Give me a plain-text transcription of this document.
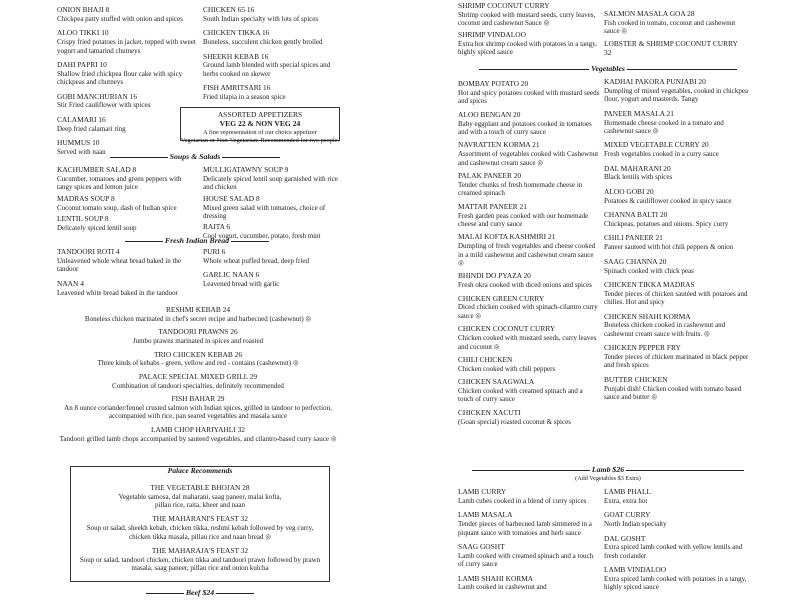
ONION BHAJI 8
Chickpea patty stuffed with onion and spices
ALOO TIKKI 10
Crispy fried potatoes in jacket, topped with sweet yogurt and tamarind chutneys
DAHI PAPRI 10
Shallow fried chickpea flour cake with spicy chickpeas and chutneys
GOBI MANCHURIAN 16
Stir Fried cauliflower with spices
CALAMARI 16
Deep fried calamari ring
HUMMUS 10
Served with naan
CHICKEN 65 16
South Indian specialty with lots of spices
CHICKEN TIKKA 16
Boneless, succulent chicken gently broiled
SHEEKH KEBAB 16
Ground lamb blended with special spices and herbs cooked on skewer
FISH AMRITSARI 16
Fried tilapia in a season spice
ASSORTED APPETIZERS
VEG 22 & NON VEG 24
A fine representation of our choice appetizer
Vegetarian or Non-Vegetarian: Recommended for two people.
Soups & Salads
KACHUMBER SALAD 8
Cucumber, tomatoes and green peppers with tangy spices and lemon juice
MADRAS SOUP 8
Coconut tomato soup, dash of Indian spice
LENTIL SOUP 8
Delicately spiced lentil soup
MULLIGATAWNY SOUP 9
Delicately spiced lentil soup garnished with rice and chicken
HOUSE SALAD 8
Mixed green salad with tomatoes, choice of dressing
RAITA 6
Cool yogurt, cucumber, potato, fresh mint
Fresh Indian Bread
TANDOORI ROTI 4
Unleavened whole wheat bread baked in the tandoor
NAAN 4
Leavened white bread baked in the tandoor
PURI 6
Whole wheat puffed bread, deep fried
GARLIC NAAN 6
Leavened bread with garlic
RESHMI KEBAB 24
Boneless chicken marinated in chef's secret recipe and barbecued (cashewnut) ◎
TANDOORI PRAWNS 26
Jumbo prawns marinated in spices and roasted
TRIO CHICKEN KEBAB 26
Three kinds of kebabs - green, yellow and red - contains (cashewnut) ◎
PALACE SPECIAL MIXED GRILL 29
Combination of tandoori specialties, definitely recommended
FISH BAHAR 29
An 8 ounce coriander/fennel crusted salmon with Indian spices, grilled in tandoor to perfection, accompanied with rice, pan seared vegetables and masala sauce
LAMB CHOP HARIYAHLI 32
Tandoori grilled lamb chops accompanied by sauteed vegetables, and cilantro-based curry sauce ◎
Palace Recommends
THE VEGETABLE BHOJAN 28
Vegetable samosa, dal maharani, saag paneer, malai kofta, pillau rice, raita, kheer and naan
THE MAHARANI'S FEAST 32
Soup or salad, sheekh kebab, chicken tikka, reshmi kebab followed by veg curry, chicken tikka masala, pillau rice and naan bread ◎
THE MAHARAJA'S FEAST 32
Soup or salad, tandoori chicken, chicken tikka and tandoori prawn followed by prawn masala, saag paneer, pillau rice and onion kulcha
Beef $24
SHRIMP COCONUT CURRY
Shrimp cooked with mustard seeds, curry leaves, coconut and cashewnut Sauce ◎
SHRIMP VINDALOO
Extra hot shrimp cooked with potatoes in a tangy, highly spiced sauce
SALMON MASALA GOA 28
Fish cooked in tomato, coconut and cashewnut sauce ◎
LOBSTER & SHRIMP COCONUT CURRY 32
Vegetables
BOMBAY POTATO 20
Hot and spicy potatoes cooked with mustard seeds and spices
ALOO BENGAN 20
Baby eggplant and potatoes cooked in tomatoes and with a touch of curry sauce
NAVRATTEN KORMA 21
Assortment of vegetables cooked with Cashewnut and cashewnut cream sauce ◎
PALAK PANEER 20
Tender chunks of fresh homemade cheese in creamed spinach
MATTAR PANEER 21
Fresh garden peas cooked with our homemade cheese and curry sauce
MALAI KOFTA KASHMIRI 21
Dumpling of fresh vegetables and cheese cooked in a mild cashewnut and cashewnut cream sauce ◎
BHINDI DO PYAZA 20
Fresh okra cooked with diced onions and spices
CHICKEN GREEN CURRY
Diced chicken cooked with spinach-cilantro curry sauce ◎
CHICKEN COCONUT CURRY
Chicken cooked with mustard seeds, curry leaves and coconut ◎
CHILI CHICKEN
Chicken cooked with chili peppers
CHICKEN SAAGWALA
Chicken cooked with creamed spinach and a touch of curry sauce
CHICKEN XACUTI
(Goan special) roasted coconut & spices
KADHAI PAKORA PUNJABI 20
Dumpling of mixed vegetables, cooked in chickpea flour, yogurt and masterds. Tangy
PANEER MASALA 21
Homemade cheese cooked in a tomato and cashewnut sauce ◎
MIXED VEGETABLE CURRY 20
Fresh vegetables cooked in a curry sauce
DAL MAHARANI 20
Black lentils with spices
ALOO GOBI 20
Potatoes & cauliflower cooked in spicy sauce
CHANNA BALTI 20
Chickpeas, potatoes and onions. Spicy curry
CHILI PANEER 21
Paneer sauteed with hot chili peppers & onion
SAAG CHANNA 20
Spinach cooked with chick peas
CHICKEN TIKKA MADRAS
Tender pieces of chicken sautéed with potatoes and chilies. Hot and spicy
CHICKEN SHAHI KORMA
Boneless chicken cooked in cashewnut and cashewnut cream sauce with fruits. ◎
CHICKEN PEPPER FRY
Tender pieces of chicken marinated in black pepper and fresh spices
BUTTER CHICKEN
Punjabi dish! Chicken cooked with tomato based sauce and butter ◎
Lamb $26
(Add Vegetables $3 Extra)
LAMB CURRY
Lamb cubes cooked in a blend of curry spices
LAMB MASALA
Tender pieces of barbecued lamb simmered in a piquant sauce with tomatoes and herb sauce
SAAG GOSHT
Lamb cooked with creamed spinach and a touch of curry sauce
LAMB SHAHI KORMA
Lamb cooked in cashewnut and
LAMB PHALL
Extra, extra hot
GOAT CURRY
North Indian specialty
DAL GOSHT
Extra spiced lamb cooked with yellow lentils and fresh coriander
LAMB VINDALOO
Extra spiced lamb cooked with potatoes in a tangy, highly spiced sauce
